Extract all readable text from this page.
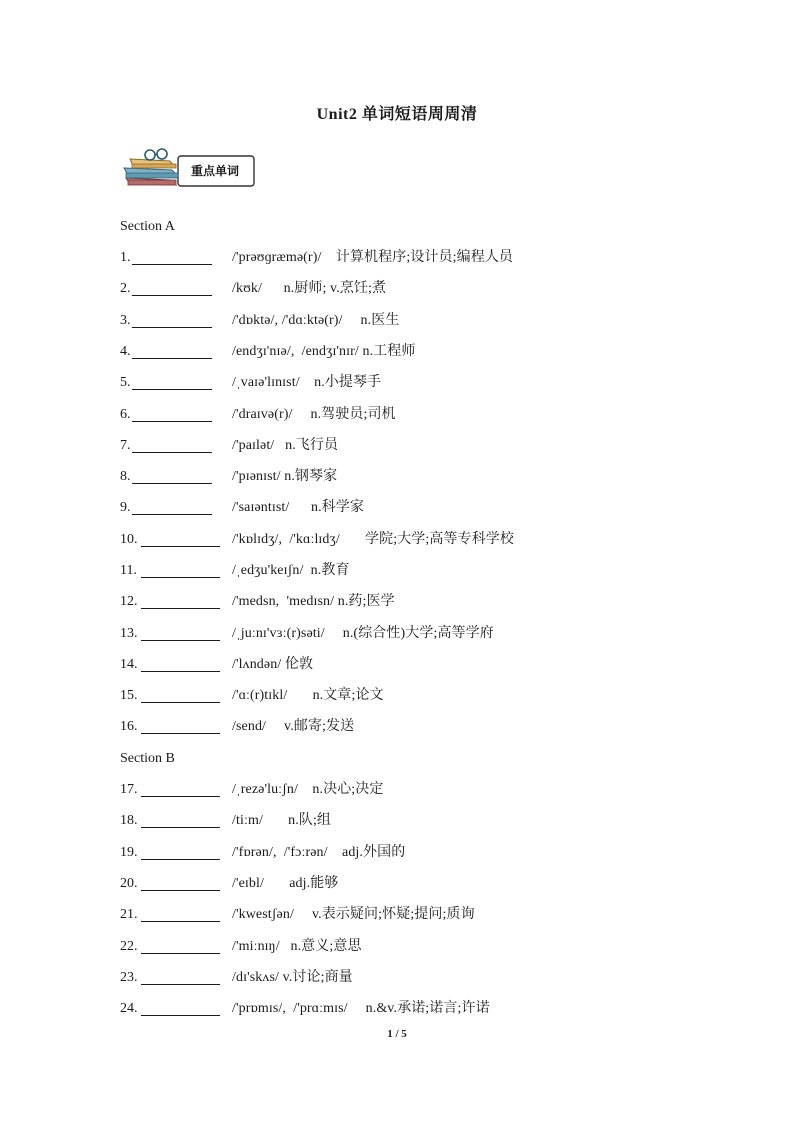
Unit2 单词短语周周清
重点单词
Section A
1.	/'prəʊɡræmə(r)/    计算机程序;设计员;编程人员
2.	/kʊk/      n.厨师; v.烹饪;煮
3.	/'dɒktə/, /'dɑːktə(r)/     n.医生
4.	/endʒɪ'nɪə/,  /endʒɪ'nɪr/ n.工程师
5.	/ˌvaɪə'lɪnɪst/    n.小提琴手
6.	/'draɪvə(r)/     n.驾驶员;司机
7.	/'paɪlət/   n.飞行员
8.	/'pɪənɪst/ n.钢琴家
9.	/'saɪəntɪst/      n.科学家
10.	/'kɒlɪdʒ/,  /'kɑːlɪdʒ/       学院;大学;高等专科学校
11.	/ˌedʒu'keɪʃn/  n.教育
12.	/'medsn,  'medɪsn/ n.药;医学
13.	/ˌjuːnɪ'vɜː(r)səti/     n.(综合性)大学;高等学府
14.	/'lʌndən/ 伦敦
15.	/'ɑː(r)tɪkl/       n.文章;论文
16.	/send/     v.邮寄;发送
Section B
17.	/ˌrezə'luːʃn/    n.决心;决定
18.	/tiːm/       n.队;组
19.	/'fɒrən/,  /'fɔːrən/    adj.外国的
20.	/'eɪbl/       adj.能够
21.	/'kwestʃən/     v.表示疑问;怀疑;提问;质询
22.	/'miːnɪŋ/   n.意义;意思
23.	/dɪ'skʌs/ v.讨论;商量
24.	/'prɒmɪs/,  /'prɑːmɪs/     n.&v.承诺;诺言;许诺
1 / 5
